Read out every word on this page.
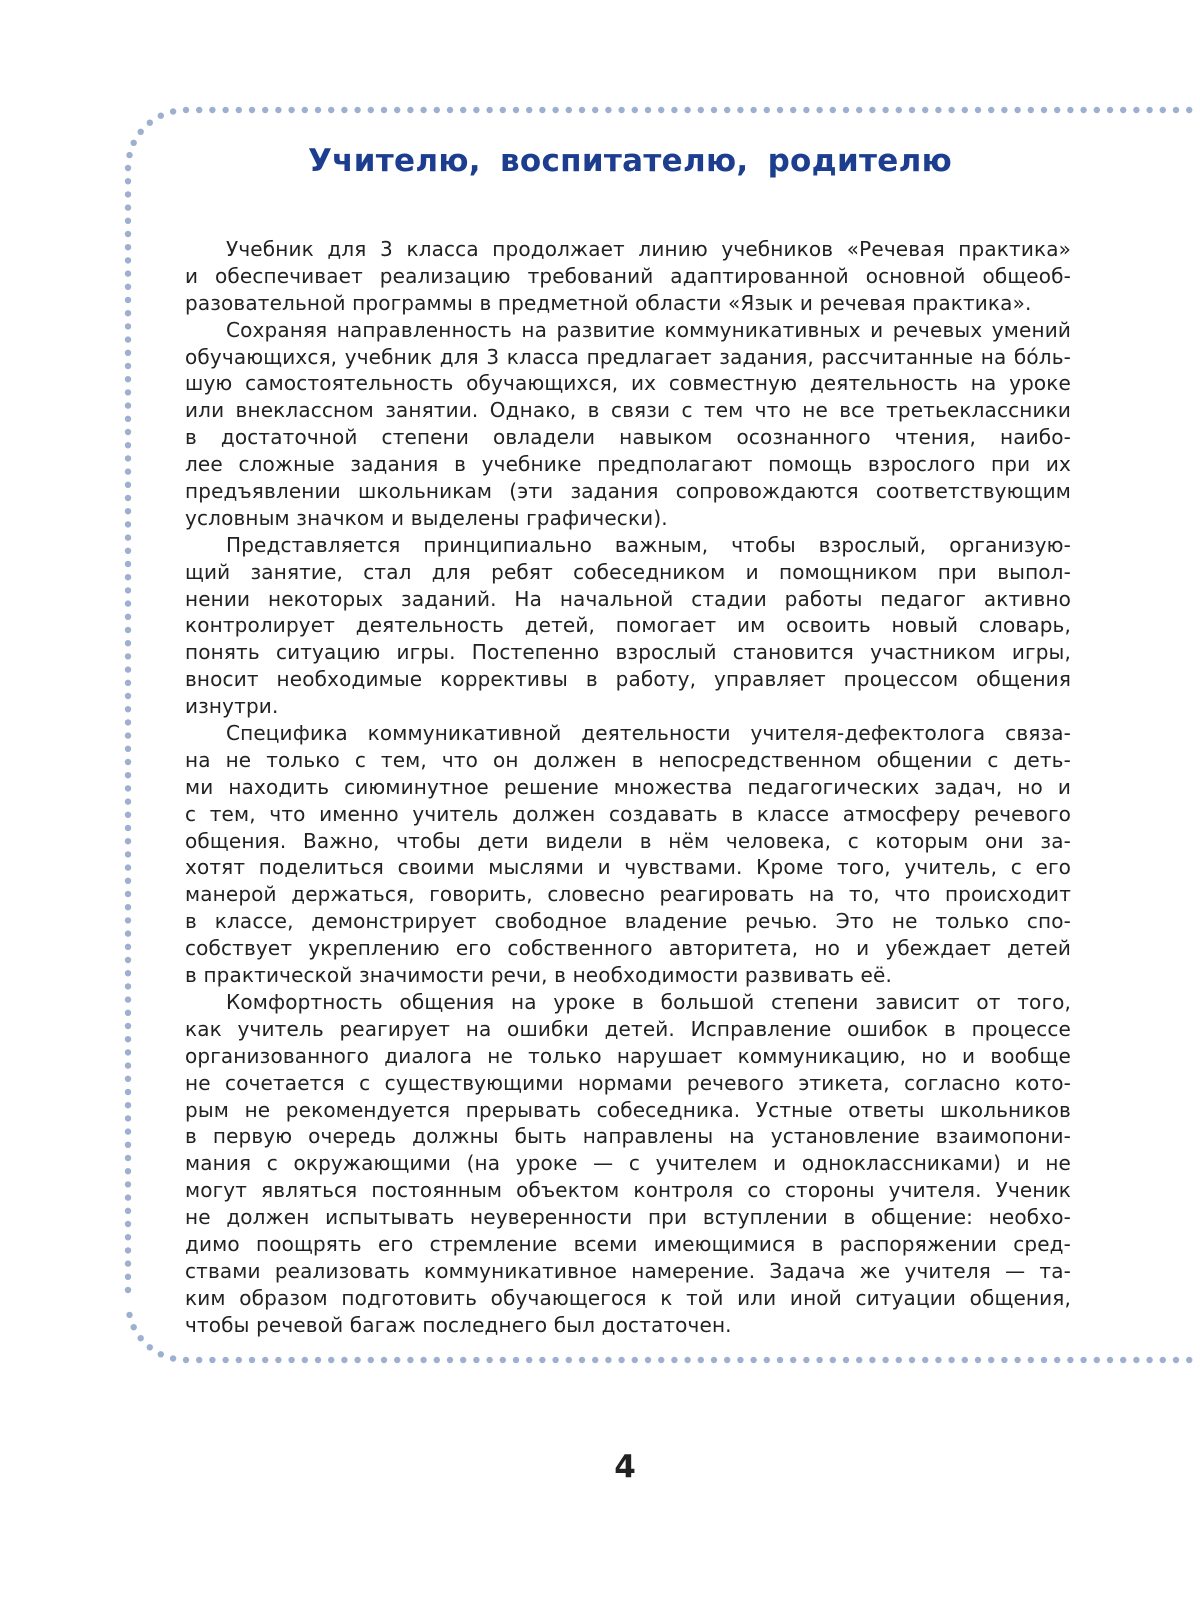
Учителю, воспитателю, родителю
Учебник для 3 класса продолжает линию учебников «Речевая практика»
и обеспечивает реализацию требований адаптированной основной общеоб-
разовательной программы в предметной области «Язык и речевая практика».
Сохраняя направленность на развитие коммуникативных и речевых умений
обучающихся, учебник для 3 класса предлагает задания, рассчитанные на бóль-
шую самостоятельность обучающихся, их совместную деятельность на уроке
или внеклассном занятии. Однако, в связи с тем что не все третьеклассники
в достаточной степени овладели навыком осознанного чтения, наибо-
лее сложные задания в учебнике предполагают помощь взрослого при их
предъявлении школьникам (эти задания сопровождаются соответствующим
условным значком и выделены графически).
Представляется принципиально важным, чтобы взрослый, организую-
щий занятие, стал для ребят собеседником и помощником при выпол-
нении некоторых заданий. На начальной стадии работы педагог активно
контролирует деятельность детей, помогает им освоить новый словарь,
понять ситуацию игры. Постепенно взрослый становится участником игры,
вносит необходимые коррективы в работу, управляет процессом общения
изнутри.
Специфика коммуникативной деятельности учителя-дефектолога связа-
на не только с тем, что он должен в непосредственном общении с деть-
ми находить сиюминутное решение множества педагогических задач, но и
с тем, что именно учитель должен создавать в классе атмосферу речевого
общения. Важно, чтобы дети видели в нём человека, с которым они за-
хотят поделиться своими мыслями и чувствами. Кроме того, учитель, с его
манерой держаться, говорить, словесно реагировать на то, что происходит
в классе, демонстрирует свободное владение речью. Это не только спо-
собствует укреплению его собственного авторитета, но и убеждает детей
в практической значимости речи, в необходимости развивать её.
Комфортность общения на уроке в большой степени зависит от того,
как учитель реагирует на ошибки детей. Исправление ошибок в процессе
организованного диалога не только нарушает коммуникацию, но и вообще
не сочетается с существующими нормами речевого этикета, согласно кото-
рым не рекомендуется прерывать собеседника. Устные ответы школьников
в первую очередь должны быть направлены на установление взаимопони-
мания с окружающими (на уроке — с учителем и одноклассниками) и не
могут являться постоянным объектом контроля со стороны учителя. Ученик
не должен испытывать неуверенности при вступлении в общение: необхо-
димо поощрять его стремление всеми имеющимися в распоряжении сред-
ствами реализовать коммуникативное намерение. Задача же учителя — та-
ким образом подготовить обучающегося к той или иной ситуации общения,
чтобы речевой багаж последнего был достаточен.
4
